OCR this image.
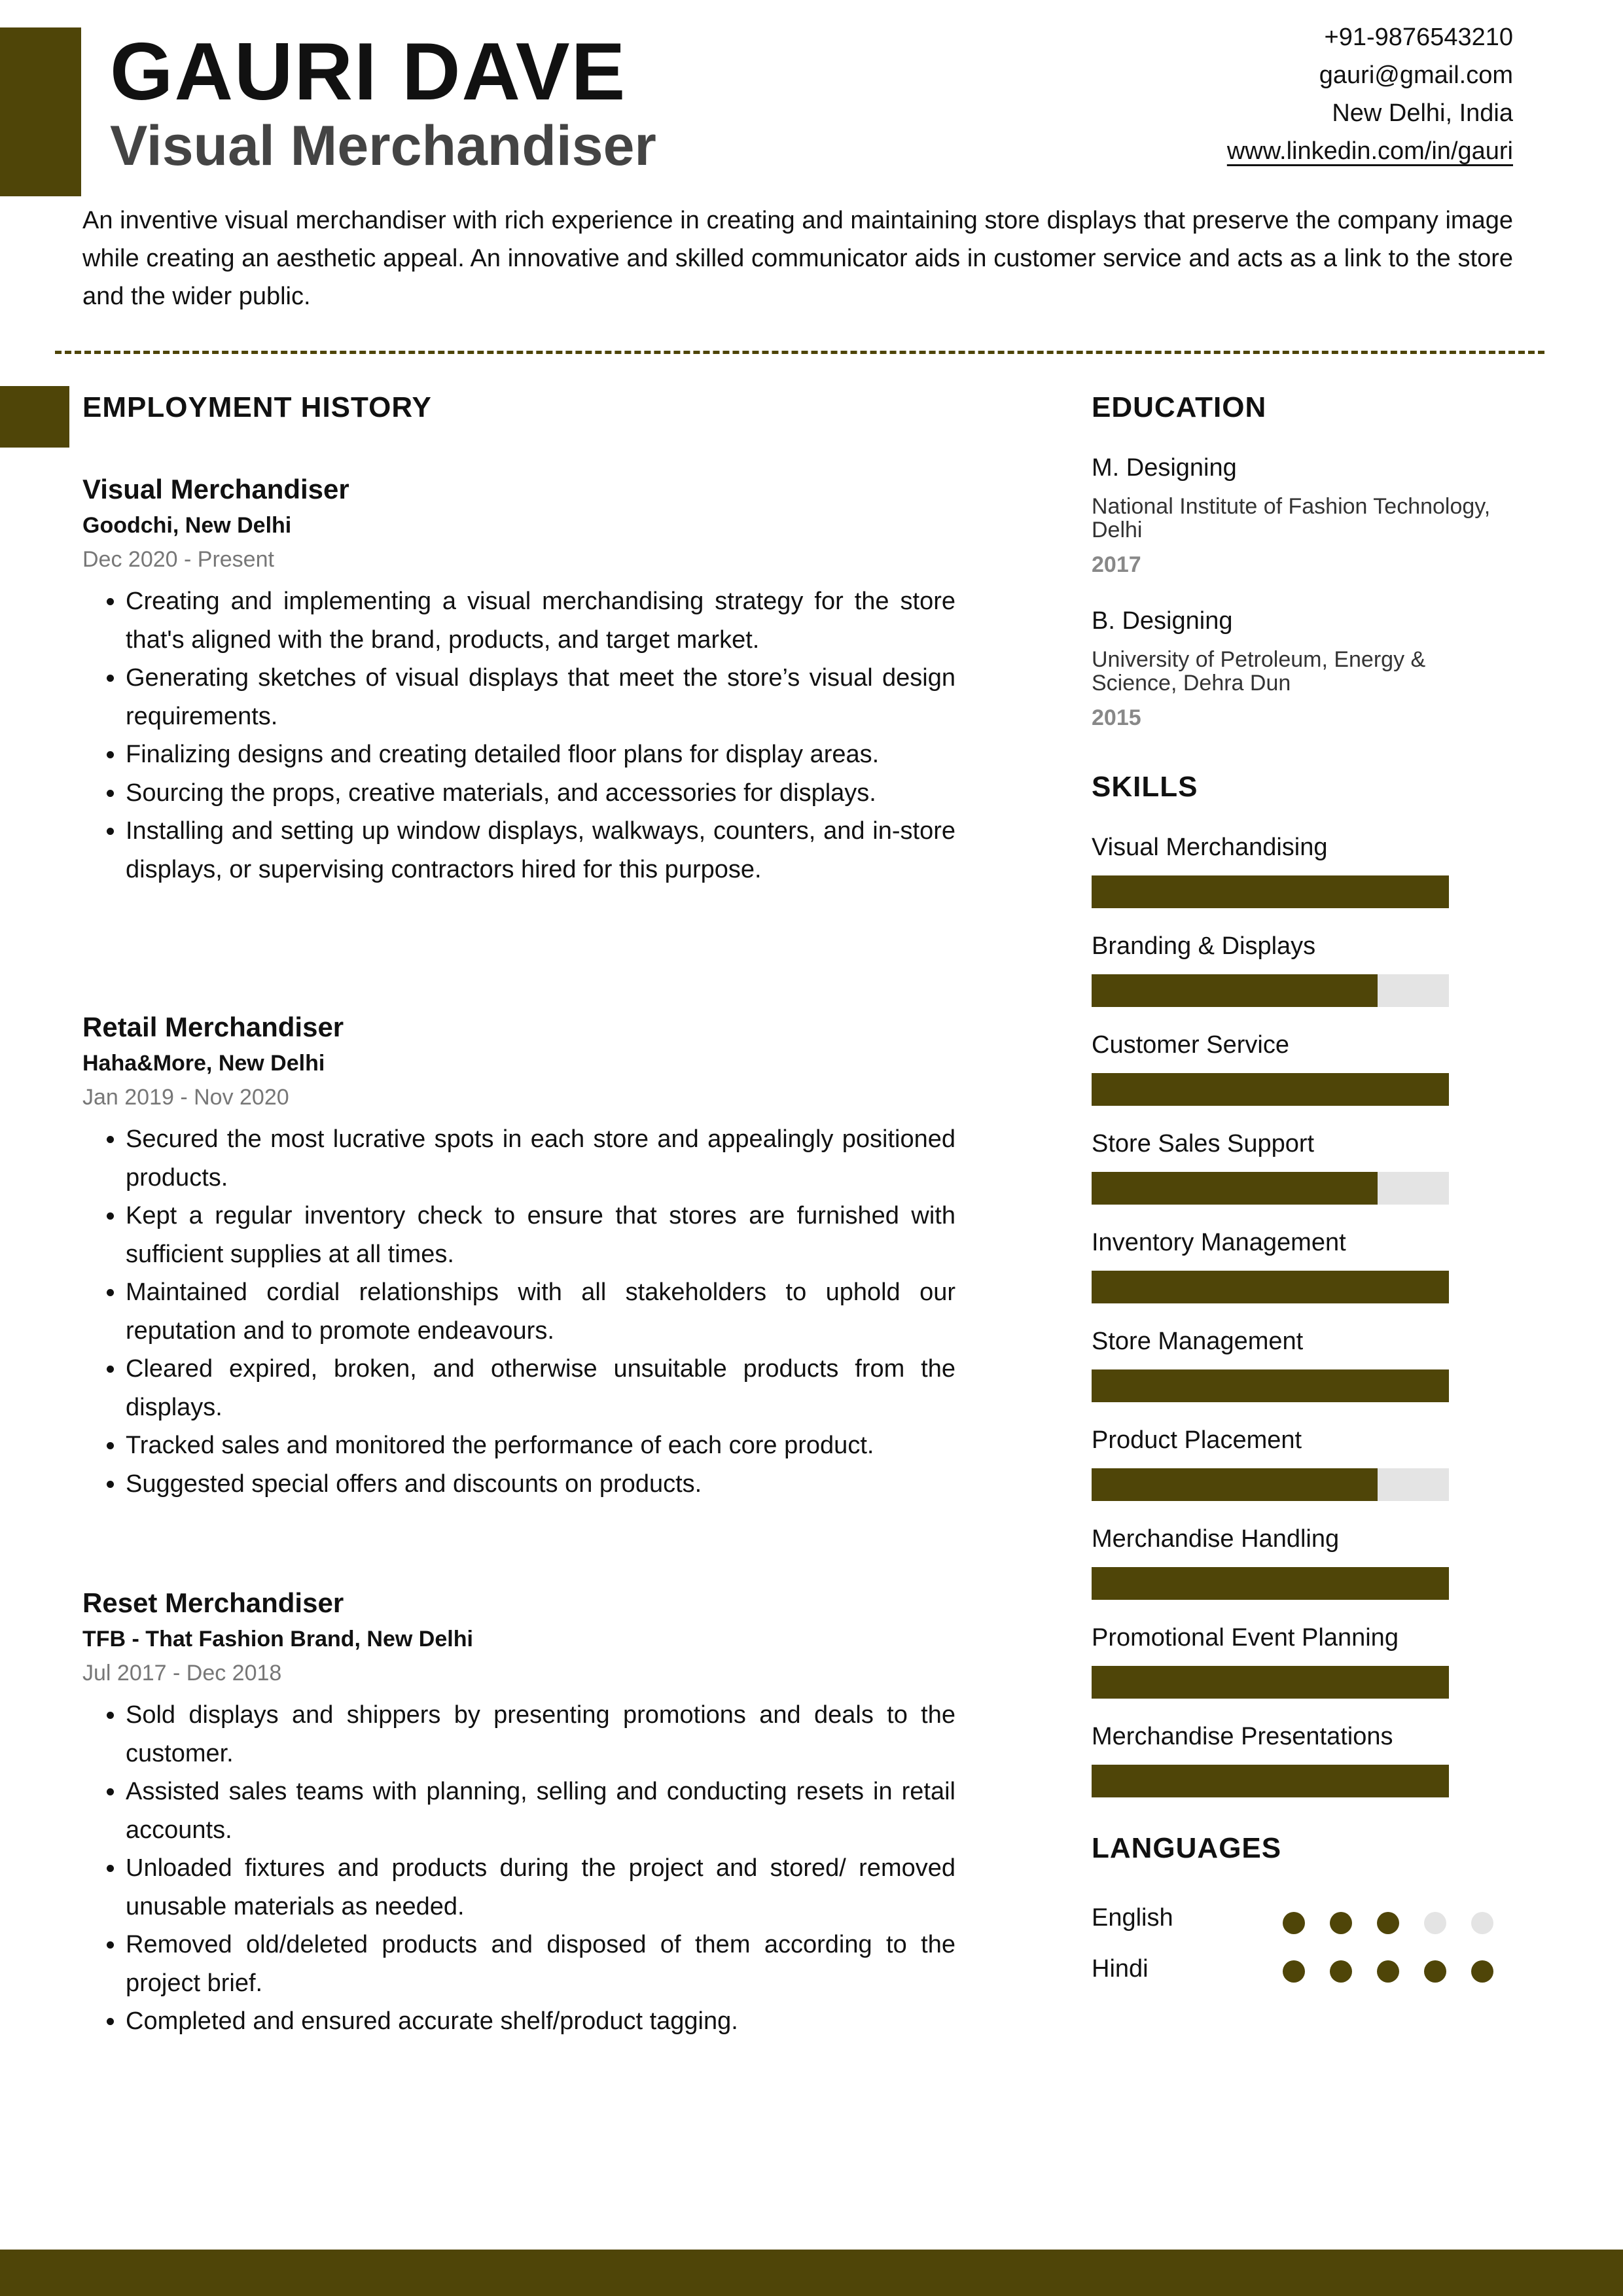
GAURI DAVE
Visual Merchandiser
+91-9876543210
gauri@gmail.com
New Delhi, India
www.linkedin.com/in/gauri
An inventive visual merchandiser with rich experience in creating and maintaining store displays that preserve the company image while creating an aesthetic appeal. An innovative and skilled communicator aids in customer service and acts as a link to the store and the wider public.
EMPLOYMENT HISTORY
Visual Merchandiser
Goodchi, New Delhi
Dec 2020 - Present
• Creating and implementing a visual merchandising strategy for the store that's aligned with the brand, products, and target market.
• Generating sketches of visual displays that meet the store’s visual design requirements.
• Finalizing designs and creating detailed floor plans for display areas.
• Sourcing the props, creative materials, and accessories for displays.
• Installing and setting up window displays, walkways, counters, and in-store displays, or supervising contractors hired for this purpose.
Retail Merchandiser
Haha&More, New Delhi
Jan 2019 - Nov 2020
• Secured the most lucrative spots in each store and appealingly positioned products.
• Kept a regular inventory check to ensure that stores are furnished with sufficient supplies at all times.
• Maintained cordial relationships with all stakeholders to uphold our reputation and to promote endeavours.
• Cleared expired, broken, and otherwise unsuitable products from the displays.
• Tracked sales and monitored the performance of each core product.
• Suggested special offers and discounts on products.
Reset Merchandiser
TFB - That Fashion Brand, New Delhi
Jul 2017 - Dec 2018
• Sold displays and shippers by presenting promotions and deals to the customer.
• Assisted sales teams with planning, selling and conducting resets in retail accounts.
• Unloaded fixtures and products during the project and stored/ removed unusable materials as needed.
• Removed old/deleted products and disposed of them according to the project brief.
• Completed and ensured accurate shelf/product tagging.
EDUCATION
M. Designing
National Institute of Fashion Technology, Delhi
2017
B. Designing
University of Petroleum, Energy & Science, Dehra Dun
2015
SKILLS
Visual Merchandising
Branding & Displays
Customer Service
Store Sales Support
Inventory Management
Store Management
Product Placement
Merchandise Handling
Promotional Event Planning
Merchandise Presentations
LANGUAGES
English
Hindi
